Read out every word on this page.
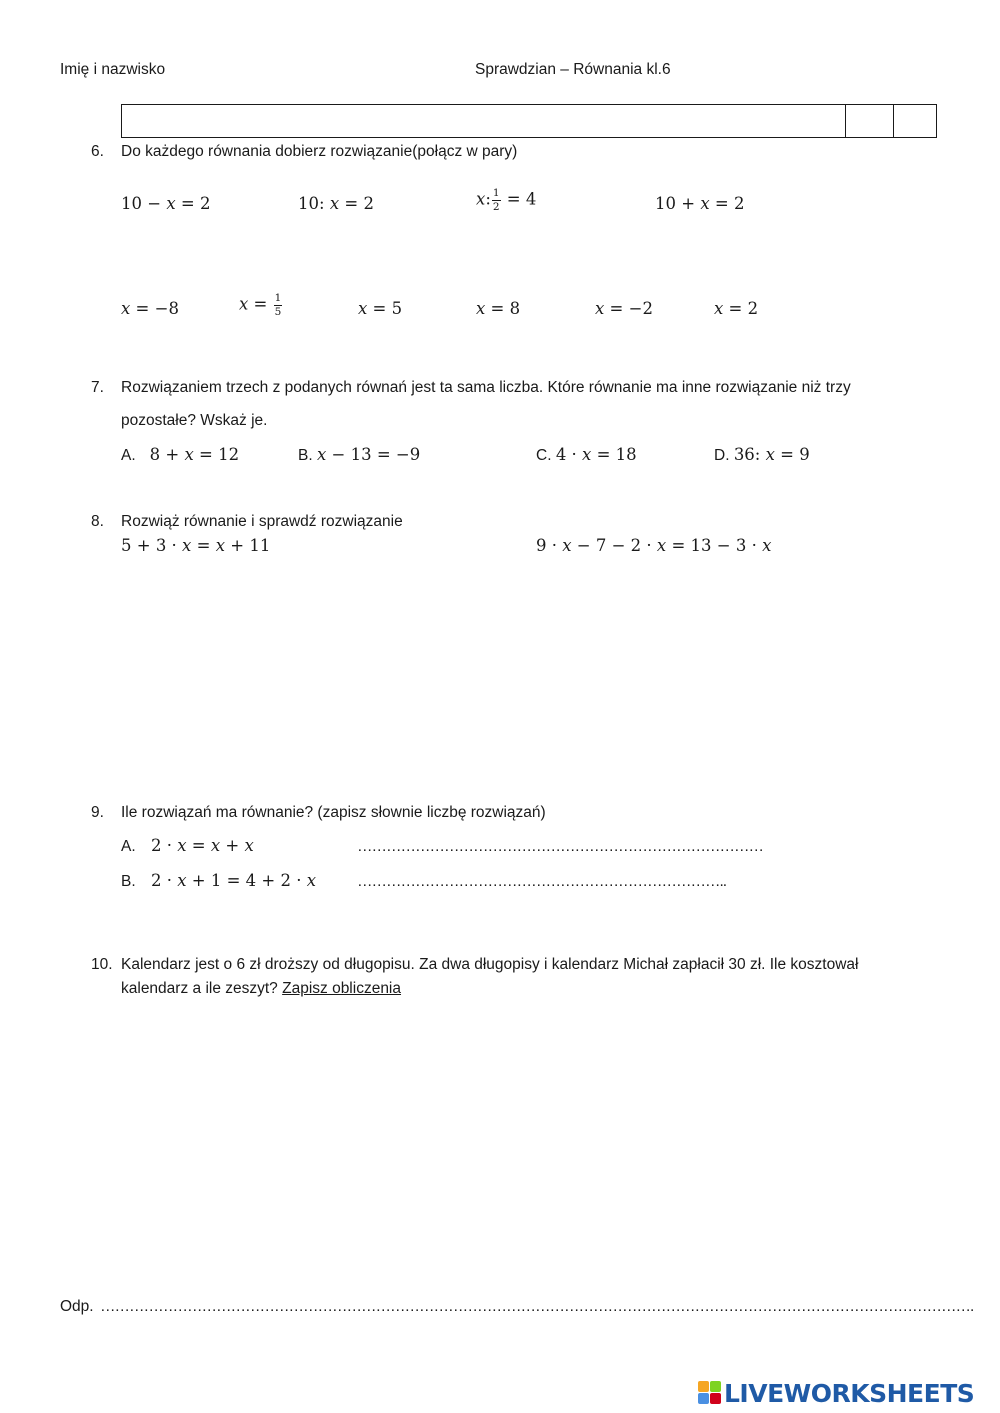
Imię i nazwisko	Sprawdzian – Równania kl.6
6. Do każdego równania dobierz rozwiązanie(połącz w pary)
10 − x = 2	10: x = 2	x: $\frac{1}{2} = 4$	10 + x = 2
x = −8	$x = \frac{1}{5}$	x = 5	x = 8	x = −2	x = 2
7. Rozwiązaniem trzech z podanych równań jest ta sama liczba. Które równanie ma inne rozwiązanie niż trzy
pozostałe? Wskaż je.
A. 8 + x = 12	B. x − 13 = −9	C. 4 · x = 18	D. 36: x = 9
8. Rozwiąż równanie i sprawdź rozwiązanie
5 + 3 · x = x + 11	9 · x − 7 − 2 · x = 13 − 3 · x
9. Ile rozwiązań ma równanie? (zapisz słownie liczbę rozwiązań)
A. 2 · x = x + x	…………………………………………………………………………
B. 2 · x + 1 = 4 + 2 · x	…………………………………………………………………..
10. Kalendarz jest o 6 zł droższy od długopisu. Za dwa długopisy i kalendarz Michał zapłacił 30 zł. Ile kosztował
kalendarz a ile zeszyt? Zapisz obliczenia
Odp. ……………………………………………………………………………………………………………………………………………………………….
LIVEWORKSHEETS
